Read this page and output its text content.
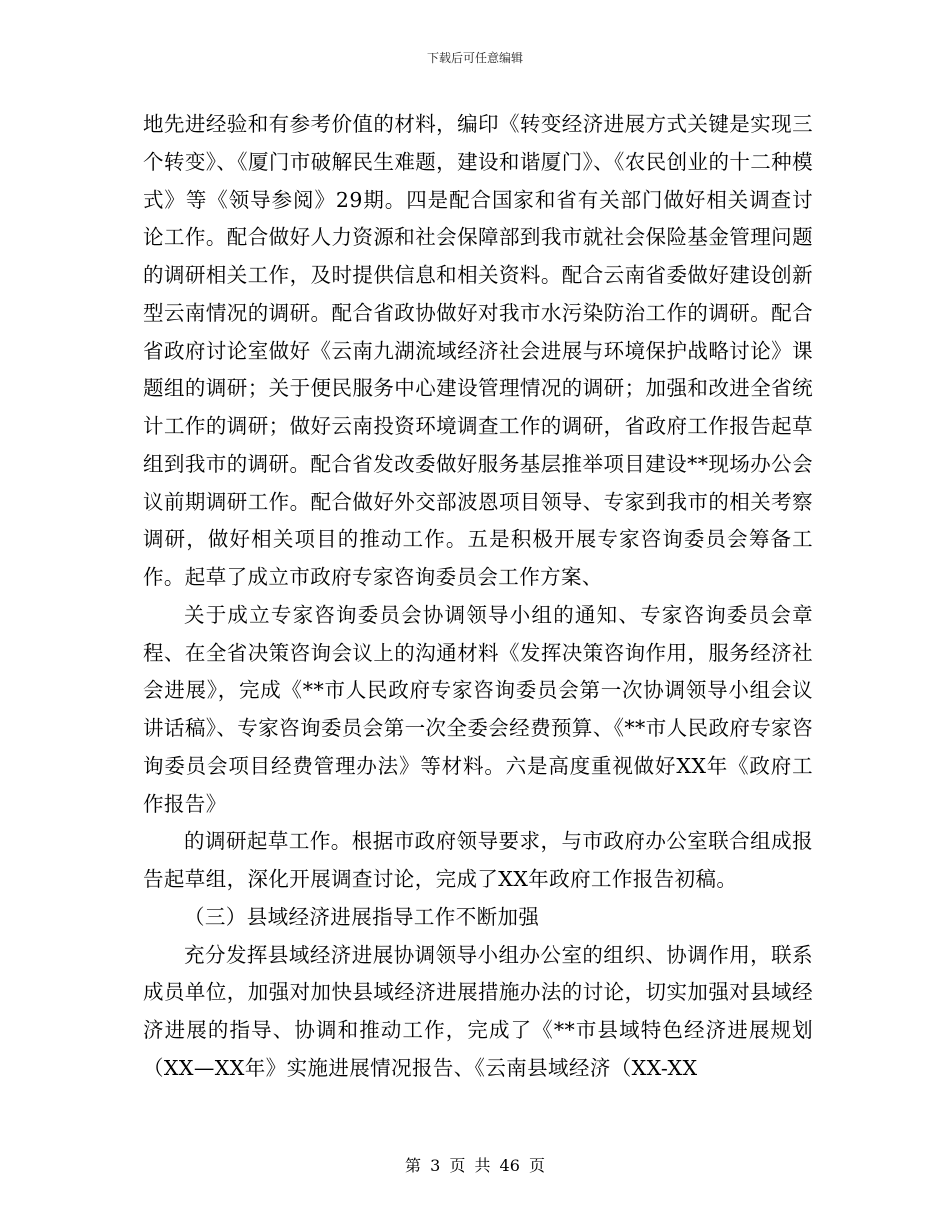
下载后可任意编辑

地先进经验和有参考价值的材料，编印《转变经济进展方式关键是实现三个转变》、《厦门市破解民生难题，建设和谐厦门》、《农民创业的十二种模式》等《领导参阅》29期。四是配合国家和省有关部门做好相关调查讨论工作。配合做好人力资源和社会保障部到我市就社会保险基金管理问题的调研相关工作，及时提供信息和相关资料。配合云南省委做好建设创新型云南情况的调研。配合省政协做好对我市水污染防治工作的调研。配合省政府讨论室做好《云南九湖流域经济社会进展与环境保护战略讨论》课题组的调研；关于便民服务中心建设管理情况的调研；加强和改进全省统计工作的调研；做好云南投资环境调查工作的调研，省政府工作报告起草组到我市的调研。配合省发改委做好服务基层推举项目建设**现场办公会议前期调研工作。配合做好外交部波恩项目领导、专家到我市的相关考察调研，做好相关项目的推动工作。五是积极开展专家咨询委员会筹备工作。起草了成立市政府专家咨询委员会工作方案、

关于成立专家咨询委员会协调领导小组的通知、专家咨询委员会章程、在全省决策咨询会议上的沟通材料《发挥决策咨询作用，服务经济社会进展》，完成《**市人民政府专家咨询委员会第一次协调领导小组会议讲话稿》、专家咨询委员会第一次全委会经费预算、《**市人民政府专家咨询委员会项目经费管理办法》等材料。六是高度重视做好XX年《政府工作报告》

的调研起草工作。根据市政府领导要求，与市政府办公室联合组成报告起草组，深化开展调查讨论，完成了XX年政府工作报告初稿。

（三）县域经济进展指导工作不断加强

充分发挥县域经济进展协调领导小组办公室的组织、协调作用，联系成员单位，加强对加快县域经济进展措施办法的讨论，切实加强对县域经济进展的指导、协调和推动工作，完成了《**市县域特色经济进展规划（XX—XX年》实施进展情况报告、《云南县域经济（XX-XX

第 3 页 共 46 页
